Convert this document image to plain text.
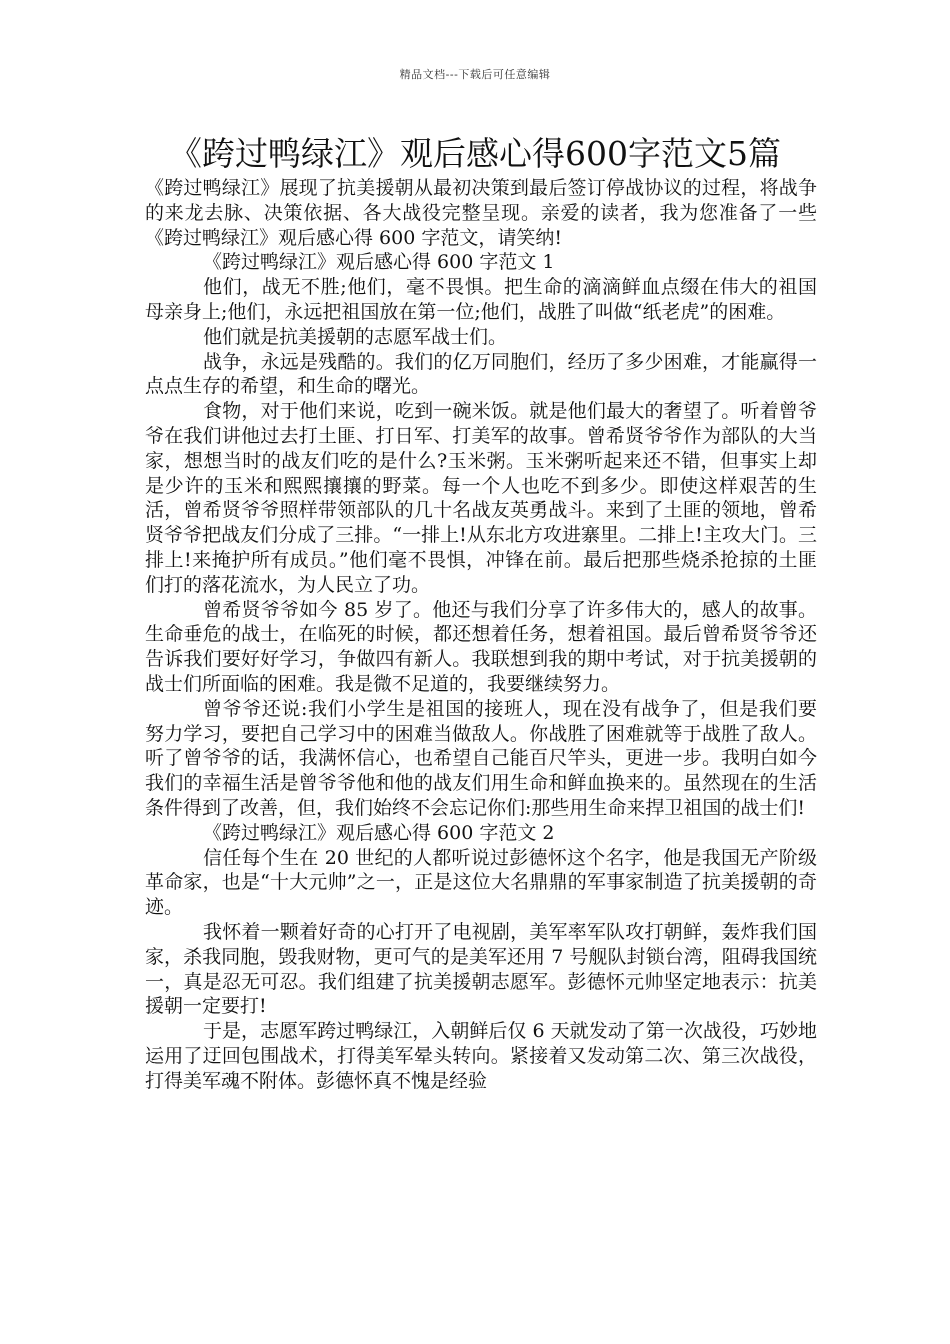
精品文档---下载后可任意编辑
《跨过鸭绿江》观后感心得600字范文5篇

《跨过鸭绿江》展现了抗美援朝从最初决策到最后签订停战协议的过程，将战争的来龙去脉、决策依据、各大战役完整呈现。亲爱的读者，我为您准备了一些《跨过鸭绿江》观后感心得 600 字范文，请笑纳!

《跨过鸭绿江》观后感心得 600 字范文 1

他们，战无不胜;他们，毫不畏惧。把生命的滴滴鲜血点缀在伟大的祖国母亲身上;他们，永远把祖国放在第一位;他们，战胜了叫做“纸老虎”的困难。

他们就是抗美援朝的志愿军战士们。

战争，永远是残酷的。我们的亿万同胞们，经历了多少困难，才能赢得一点点生存的希望，和生命的曙光。

食物，对于他们来说，吃到一碗米饭。就是他们最大的奢望了。听着曾爷爷在我们讲他过去打土匪、打日军、打美军的故事。曾希贤爷爷作为部队的大当家，想想当时的战友们吃的是什么?玉米粥。玉米粥听起来还不错，但事实上却是少许的玉米和熙熙攘攘的野菜。每一个人也吃不到多少。即使这样艰苦的生活，曾希贤爷爷照样带领部队的几十名战友英勇战斗。来到了土匪的领地，曾希贤爷爷把战友们分成了三排。“一排上!从东北方攻进寨里。二排上!主攻大门。三排上!来掩护所有成员。”他们毫不畏惧，冲锋在前。最后把那些烧杀抢掠的土匪们打的落花流水，为人民立了功。

曾希贤爷爷如今 85 岁了。他还与我们分享了许多伟大的，感人的故事。生命垂危的战士，在临死的时候，都还想着任务，想着祖国。最后曾希贤爷爷还告诉我们要好好学习，争做四有新人。我联想到我的期中考试，对于抗美援朝的战士们所面临的困难。我是微不足道的，我要继续努力。

曾爷爷还说:我们小学生是祖国的接班人，现在没有战争了，但是我们要努力学习，要把自己学习中的困难当做敌人。你战胜了困难就等于战胜了敌人。听了曾爷爷的话，我满怀信心，也希望自己能百尺竿头，更进一步。我明白如今我们的幸福生活是曾爷爷他和他的战友们用生命和鲜血换来的。虽然现在的生活条件得到了改善，但，我们始终不会忘记你们:那些用生命来捍卫祖国的战士们!

《跨过鸭绿江》观后感心得 600 字范文 2

信任每个生在 20 世纪的人都听说过彭德怀这个名字，他是我国无产阶级革命家，也是“十大元帅”之一，正是这位大名鼎鼎的军事家制造了抗美援朝的奇迹。

我怀着一颗着好奇的心打开了电视剧，美军率军队攻打朝鲜，轰炸我们国家，杀我同胞，毁我财物，更可气的是美军还用 7 号舰队封锁台湾，阻碍我国统一，真是忍无可忍。我们组建了抗美援朝志愿军。彭德怀元帅坚定地表示：抗美援朝一定要打!

于是，志愿军跨过鸭绿江，入朝鲜后仅 6 天就发动了第一次战役，巧妙地运用了迂回包围战术，打得美军晕头转向。紧接着又发动第二次、第三次战役，打得美军魂不附体。彭德怀真不愧是经验
